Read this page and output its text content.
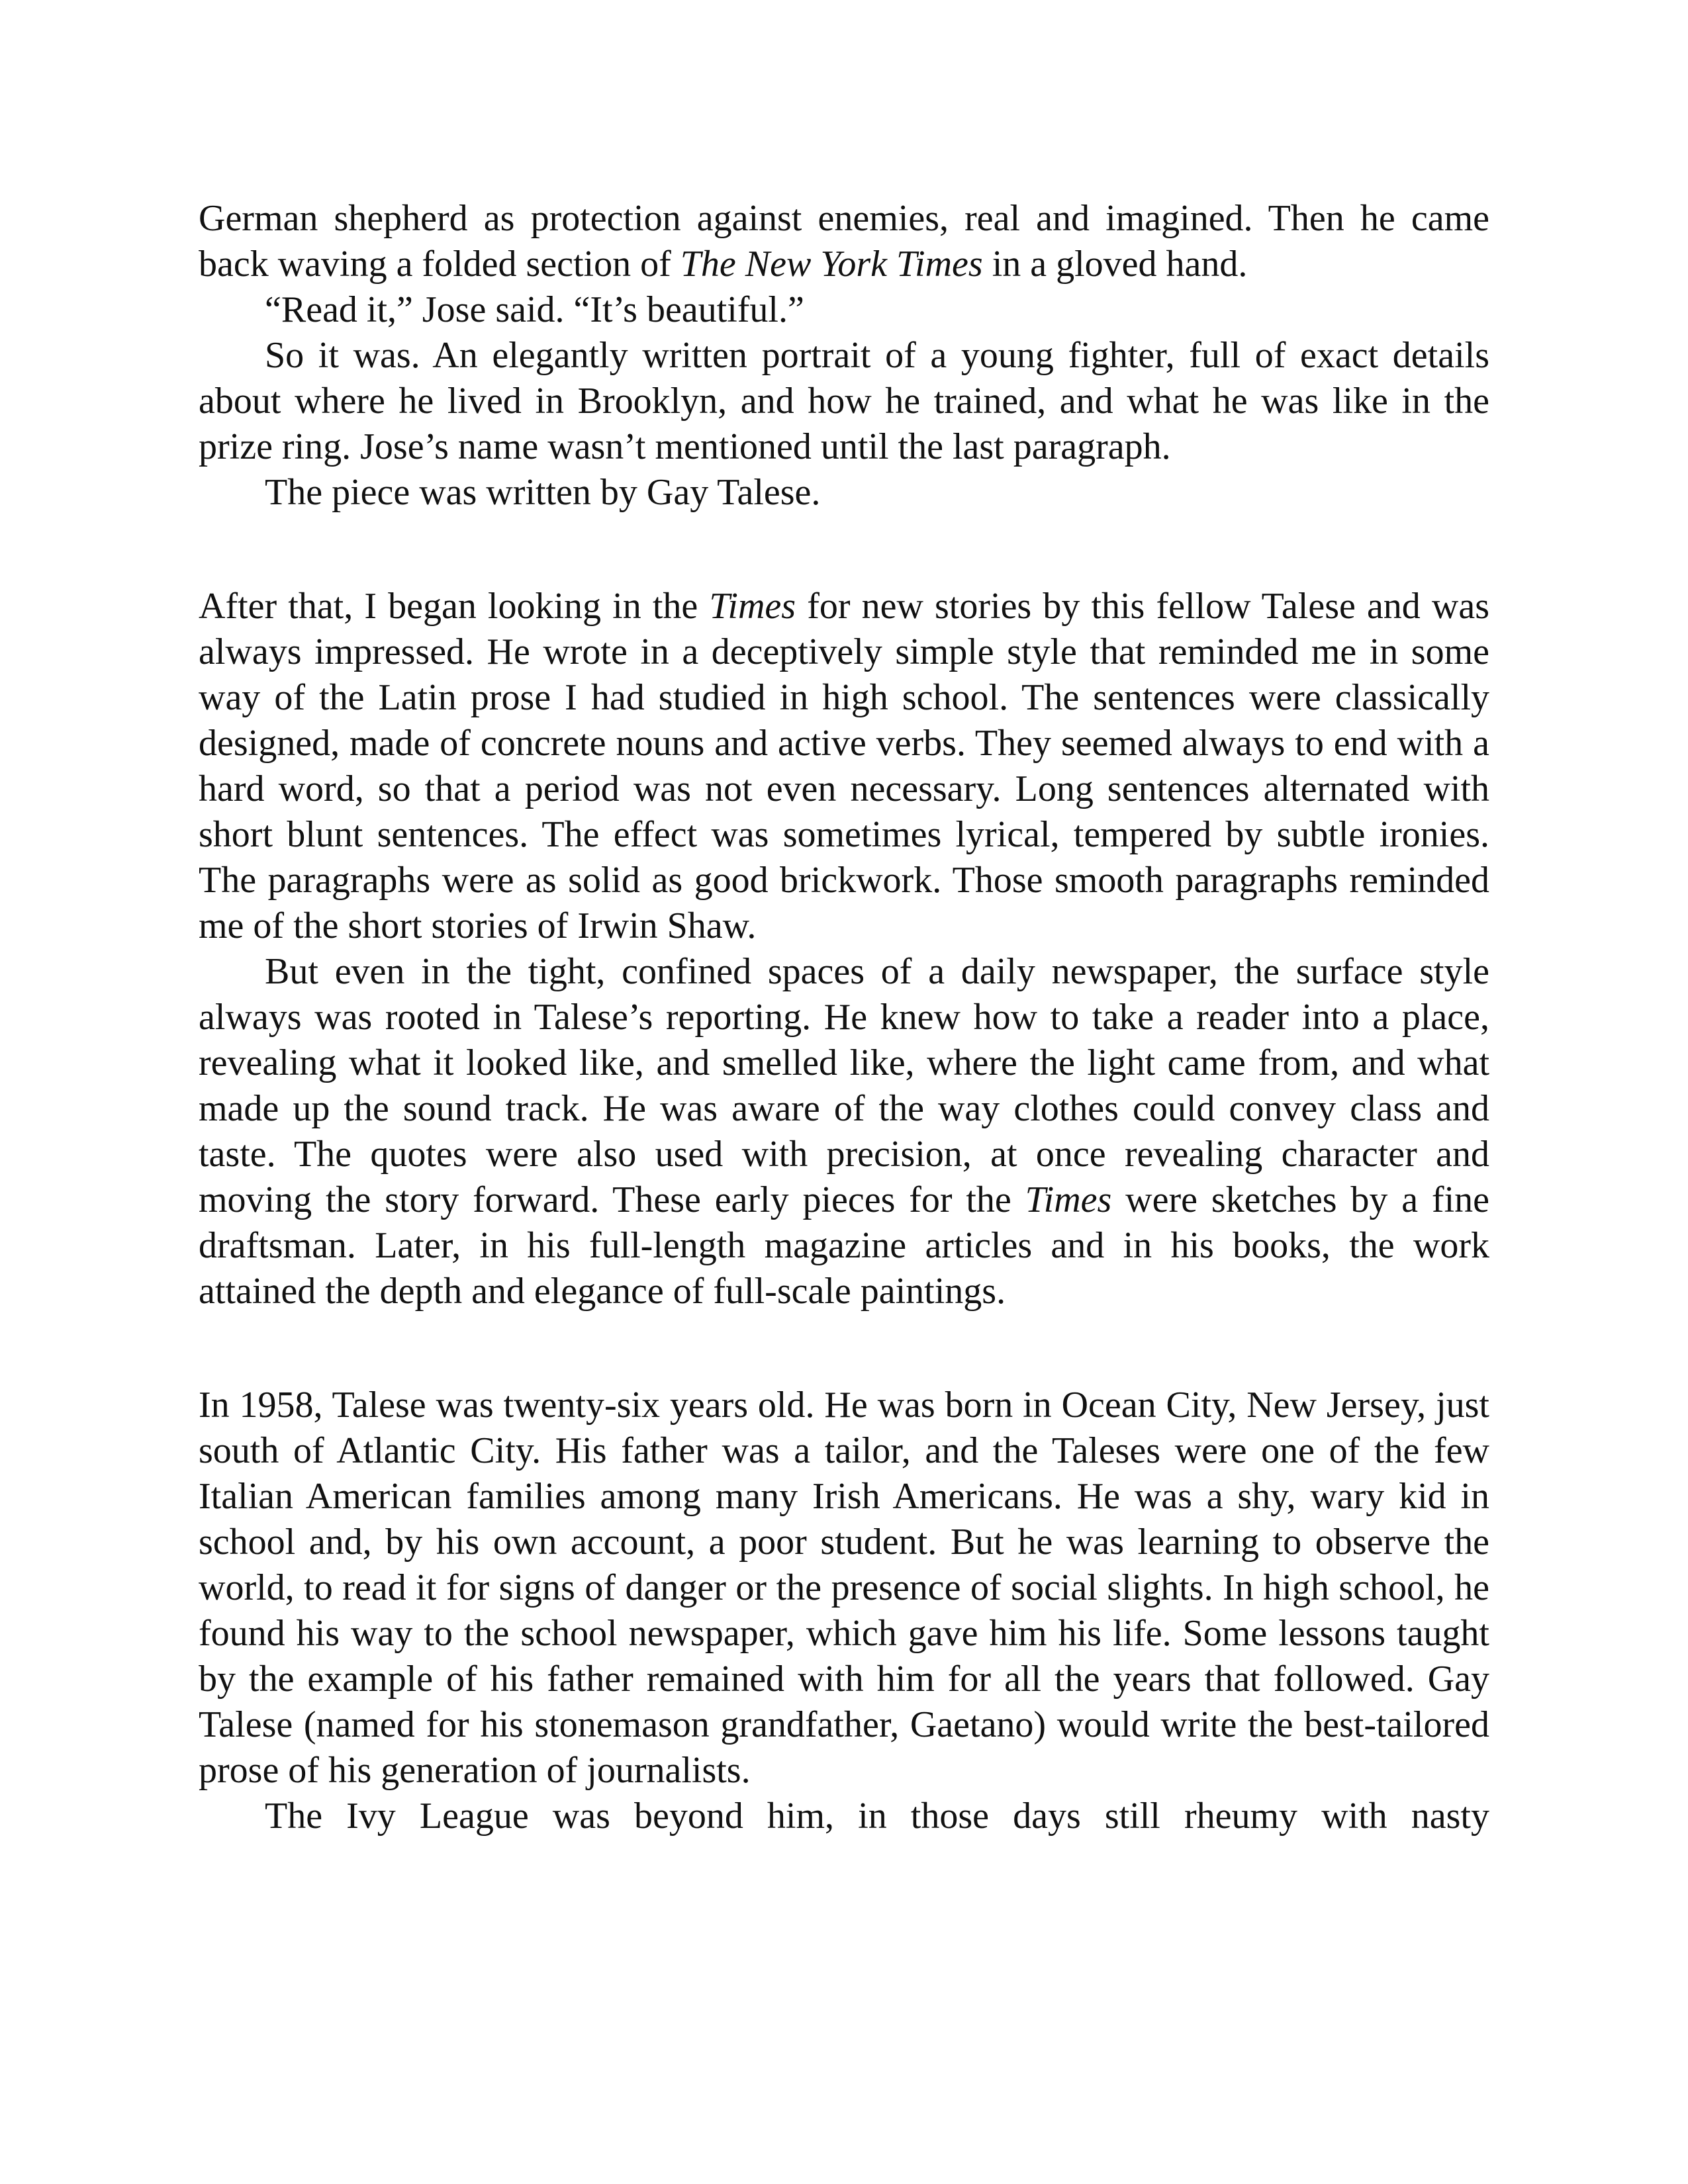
German shepherd as protection against enemies, real and imagined. Then he came back waving a folded section of The New York Times in a gloved hand.

“Read it,” Jose said. “It’s beautiful.”

So it was. An elegantly written portrait of a young fighter, full of exact details about where he lived in Brooklyn, and how he trained, and what he was like in the prize ring. Jose’s name wasn’t mentioned until the last paragraph.

The piece was written by Gay Talese.

After that, I began looking in the Times for new stories by this fellow Talese and was always impressed. He wrote in a deceptively simple style that reminded me in some way of the Latin prose I had studied in high school. The sentences were classically designed, made of concrete nouns and active verbs. They seemed always to end with a hard word, so that a period was not even necessary. Long sentences alternated with short blunt sentences. The effect was sometimes lyrical, tempered by subtle ironies. The paragraphs were as solid as good brickwork. Those smooth paragraphs reminded me of the short stories of Irwin Shaw.

But even in the tight, confined spaces of a daily newspaper, the surface style always was rooted in Talese’s reporting. He knew how to take a reader into a place, revealing what it looked like, and smelled like, where the light came from, and what made up the sound track. He was aware of the way clothes could convey class and taste. The quotes were also used with precision, at once revealing character and moving the story forward. These early pieces for the Times were sketches by a fine draftsman. Later, in his full-length magazine articles and in his books, the work attained the depth and elegance of full-scale paintings.

In 1958, Talese was twenty-six years old. He was born in Ocean City, New Jersey, just south of Atlantic City. His father was a tailor, and the Taleses were one of the few Italian American families among many Irish Americans. He was a shy, wary kid in school and, by his own account, a poor student. But he was learning to observe the world, to read it for signs of danger or the presence of social slights. In high school, he found his way to the school newspaper, which gave him his life. Some lessons taught by the example of his father remained with him for all the years that followed. Gay Talese (named for his stonemason grandfather, Gaetano) would write the best-tailored prose of his generation of journalists.

The Ivy League was beyond him, in those days still rheumy with nasty
